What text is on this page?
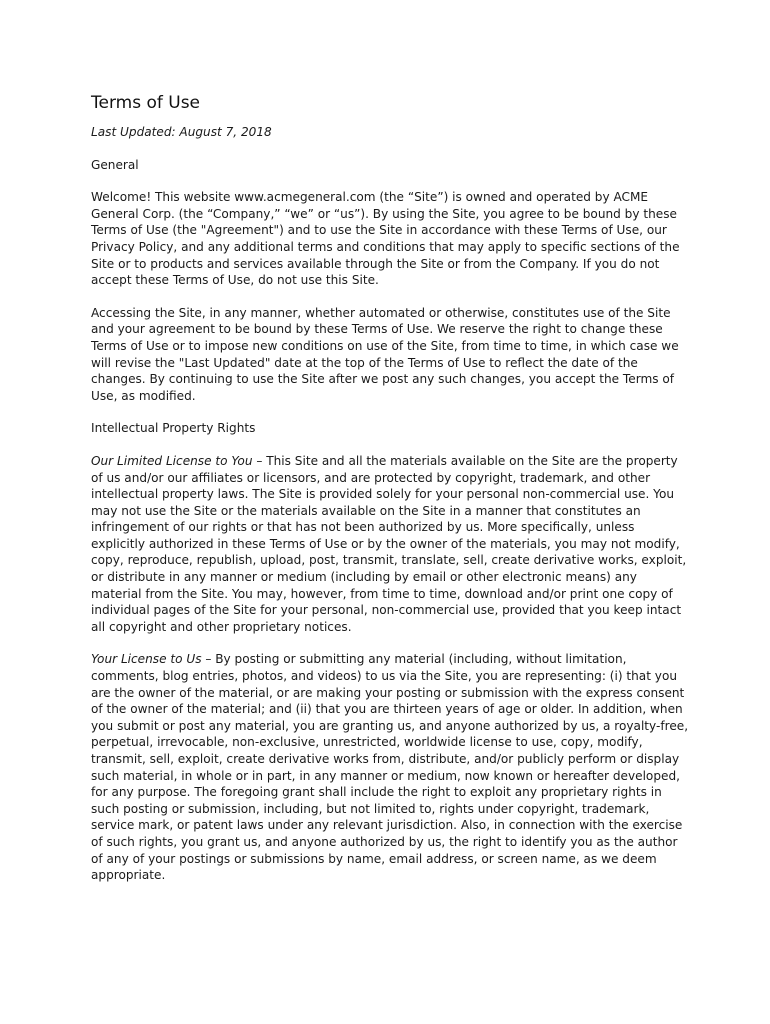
Terms of Use

Last Updated: August 7, 2018

General

Welcome! This website www.acmegeneral.com (the “Site”) is owned and operated by ACME General Corp. (the “Company,” “we” or “us”). By using the Site, you agree to be bound by these Terms of Use (the "Agreement") and to use the Site in accordance with these Terms of Use, our Privacy Policy, and any additional terms and conditions that may apply to specific sections of the Site or to products and services available through the Site or from the Company. If you do not accept these Terms of Use, do not use this Site.

Accessing the Site, in any manner, whether automated or otherwise, constitutes use of the Site and your agreement to be bound by these Terms of Use. We reserve the right to change these Terms of Use or to impose new conditions on use of the Site, from time to time, in which case we will revise the "Last Updated" date at the top of the Terms of Use to reflect the date of the changes. By continuing to use the Site after we post any such changes, you accept the Terms of Use, as modified.

Intellectual Property Rights

Our Limited License to You – This Site and all the materials available on the Site are the property of us and/or our affiliates or licensors, and are protected by copyright, trademark, and other intellectual property laws. The Site is provided solely for your personal non-commercial use. You may not use the Site or the materials available on the Site in a manner that constitutes an infringement of our rights or that has not been authorized by us. More specifically, unless explicitly authorized in these Terms of Use or by the owner of the materials, you may not modify, copy, reproduce, republish, upload, post, transmit, translate, sell, create derivative works, exploit, or distribute in any manner or medium (including by email or other electronic means) any material from the Site. You may, however, from time to time, download and/or print one copy of individual pages of the Site for your personal, non-commercial use, provided that you keep intact all copyright and other proprietary notices.

Your License to Us – By posting or submitting any material (including, without limitation, comments, blog entries, photos, and videos) to us via the Site, you are representing: (i) that you are the owner of the material, or are making your posting or submission with the express consent of the owner of the material; and (ii) that you are thirteen years of age or older. In addition, when you submit or post any material, you are granting us, and anyone authorized by us, a royalty-free, perpetual, irrevocable, non-exclusive, unrestricted, worldwide license to use, copy, modify, transmit, sell, exploit, create derivative works from, distribute, and/or publicly perform or display such material, in whole or in part, in any manner or medium, now known or hereafter developed, for any purpose. The foregoing grant shall include the right to exploit any proprietary rights in such posting or submission, including, but not limited to, rights under copyright, trademark, service mark, or patent laws under any relevant jurisdiction. Also, in connection with the exercise of such rights, you grant us, and anyone authorized by us, the right to identify you as the author of any of your postings or submissions by name, email address, or screen name, as we deem appropriate.
